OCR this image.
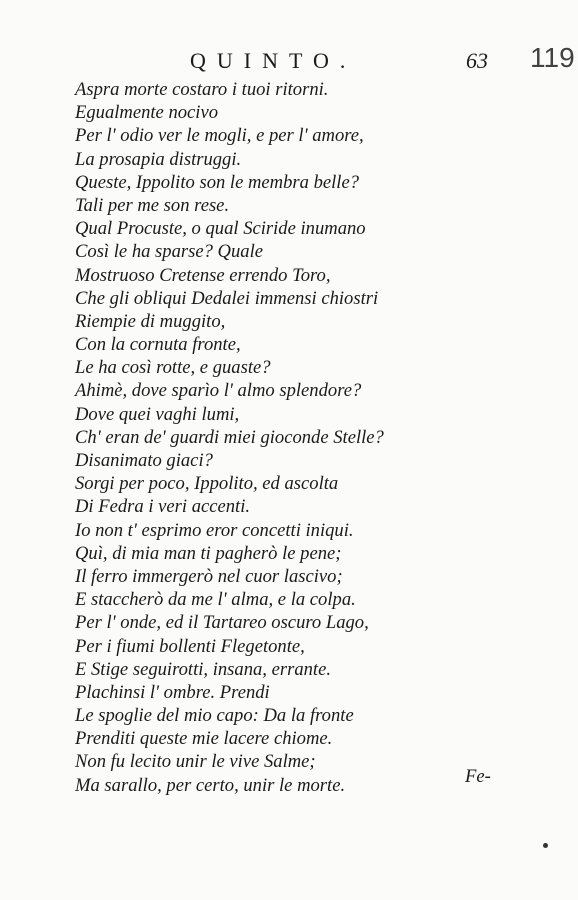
QUINTO.	63 119
Aspra morte costaro i tuoi ritorni.
Egualmente nocivo
Per l' odio ver le mogli, e per l' amore,
La prosapia distruggi.
Queste, Ippolito son le membra belle?
Tali per me son rese.
Qual Procuste, o qual Sciride inumano
Così le ha sparse? Quale
Mostruoso Cretense errendo Toro,
Che gli obliqui Dedalei immensi chiostri
Riempie di muggito,
Con la cornuta fronte,
Le ha così rotte, e guaste?
Ahimè, dove sparìo l' almo splendore?
Dove quei vaghi lumi,
Ch' eran de' guardi miei gioconde Stelle?
Disanimato giaci?
Sorgi per poco, Ippolito, ed ascolta
Di Fedra i veri accenti.
Io non t' esprimo eror concetti iniqui.
Quì, di mia man ti pagherò le pene;
Il ferro immergerò nel cuor lascivo;
E staccherò da me l' alma, e la colpa.
Per l' onde, ed il Tartareo oscuro Lago,
Per i fiumi bollenti Flegetonte,
E Stige seguirotti, insana, errante.
Plachinsi l' ombre. Prendi
Le spoglie del mio capo: Da la fronte
Prenditi queste mie lacere chiome.
Non fu lecito unir le vive Salme;
Ma sarallo, per certo, unir le morte.	Fe-
